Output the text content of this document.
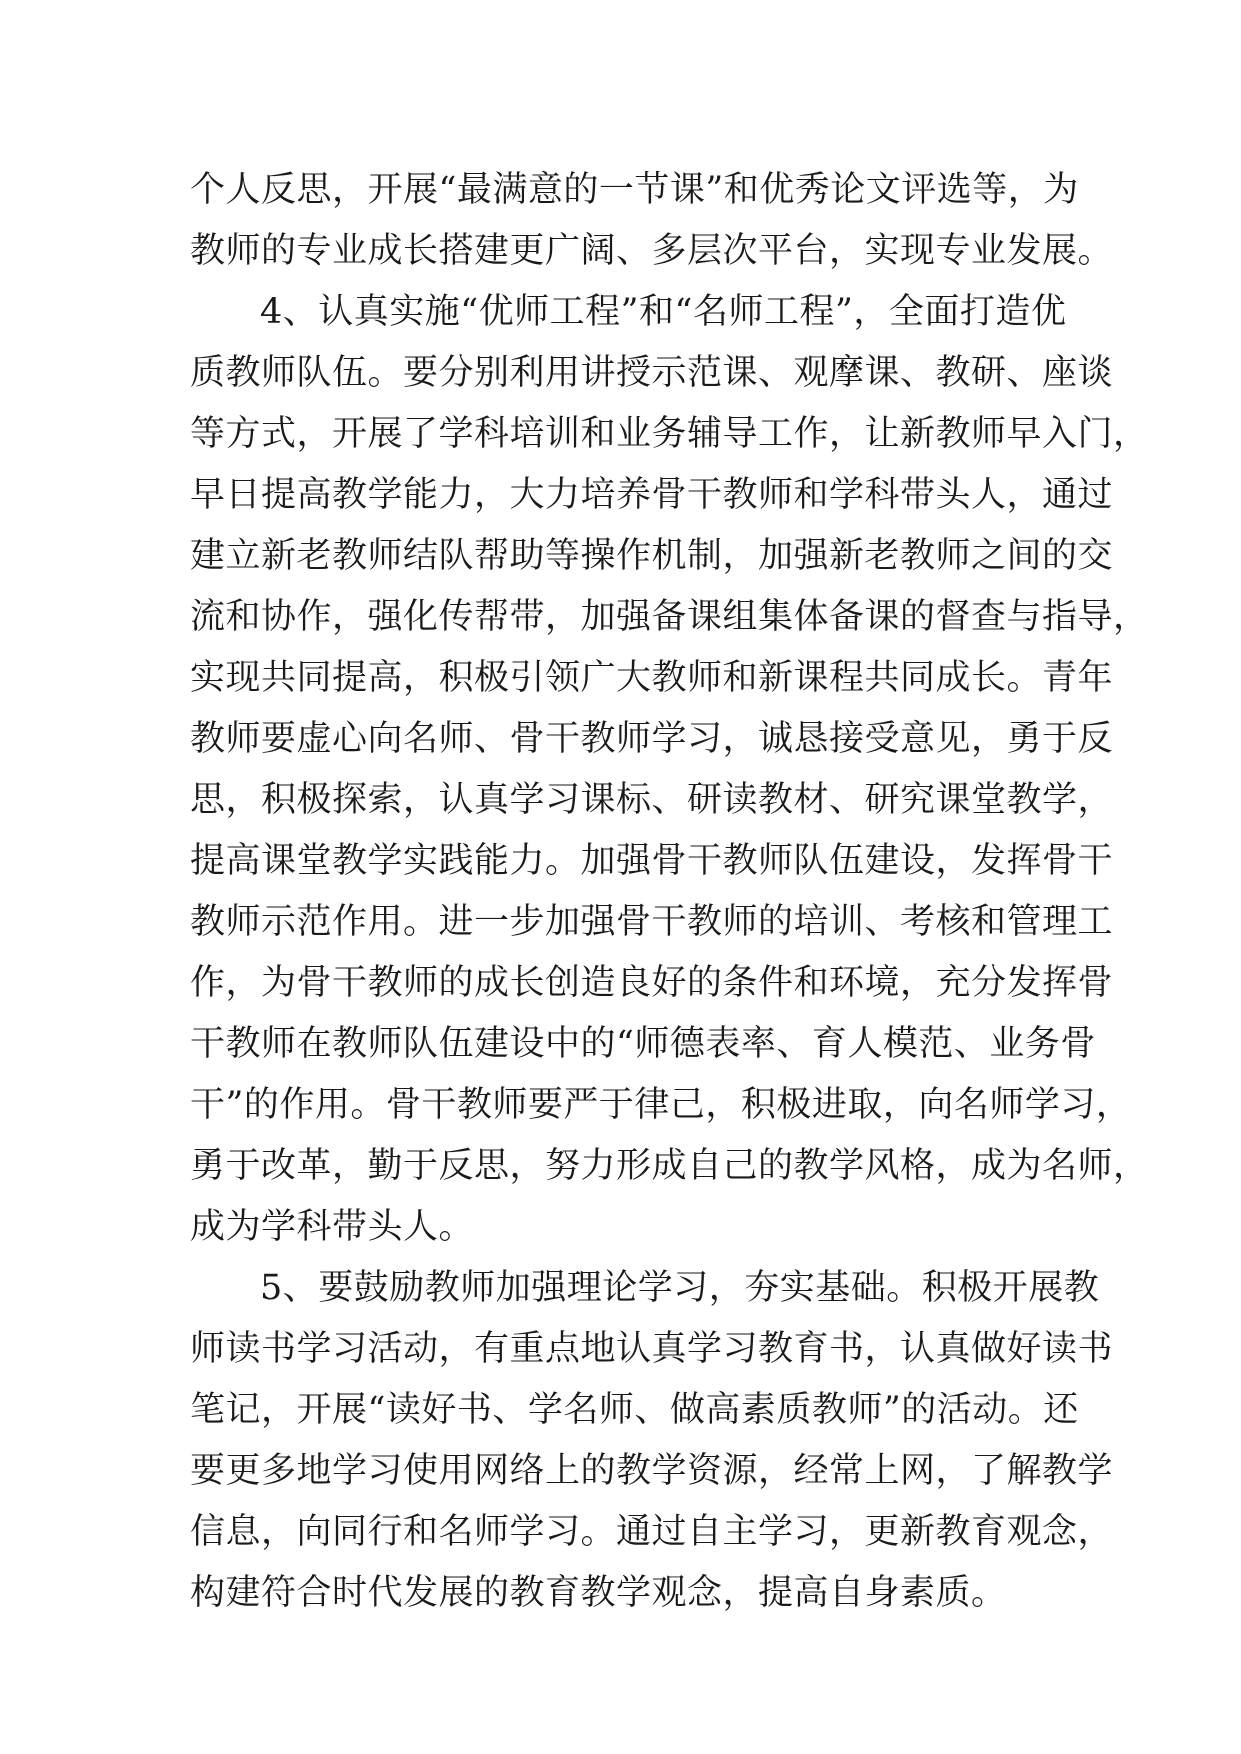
个人反思，开展“最满意的一节课”和优秀论文评选等，为
教师的专业成长搭建更广阔、多层次平台，实现专业发展。
4、认真实施“优师工程”和“名师工程”，全面打造优
质教师队伍。要分别利用讲授示范课、观摩课、教研、座谈
等方式，开展了学科培训和业务辅导工作，让新教师早入门，
早日提高教学能力，大力培养骨干教师和学科带头人，通过
建立新老教师结队帮助等操作机制，加强新老教师之间的交
流和协作，强化传帮带，加强备课组集体备课的督查与指导，
实现共同提高，积极引领广大教师和新课程共同成长。青年
教师要虚心向名师、骨干教师学习，诚恳接受意见，勇于反
思，积极探索，认真学习课标、研读教材、研究课堂教学，
提高课堂教学实践能力。加强骨干教师队伍建设，发挥骨干
教师示范作用。进一步加强骨干教师的培训、考核和管理工
作，为骨干教师的成长创造良好的条件和环境，充分发挥骨
干教师在教师队伍建设中的“师德表率、育人模范、业务骨
干”的作用。骨干教师要严于律己，积极进取，向名师学习，
勇于改革，勤于反思，努力形成自己的教学风格，成为名师，
成为学科带头人。
5、要鼓励教师加强理论学习，夯实基础。积极开展教
师读书学习活动，有重点地认真学习教育书，认真做好读书
笔记，开展“读好书、学名师、做高素质教师”的活动。还
要更多地学习使用网络上的教学资源，经常上网，了解教学
信息，向同行和名师学习。通过自主学习，更新教育观念，
构建符合时代发展的教育教学观念，提高自身素质。
